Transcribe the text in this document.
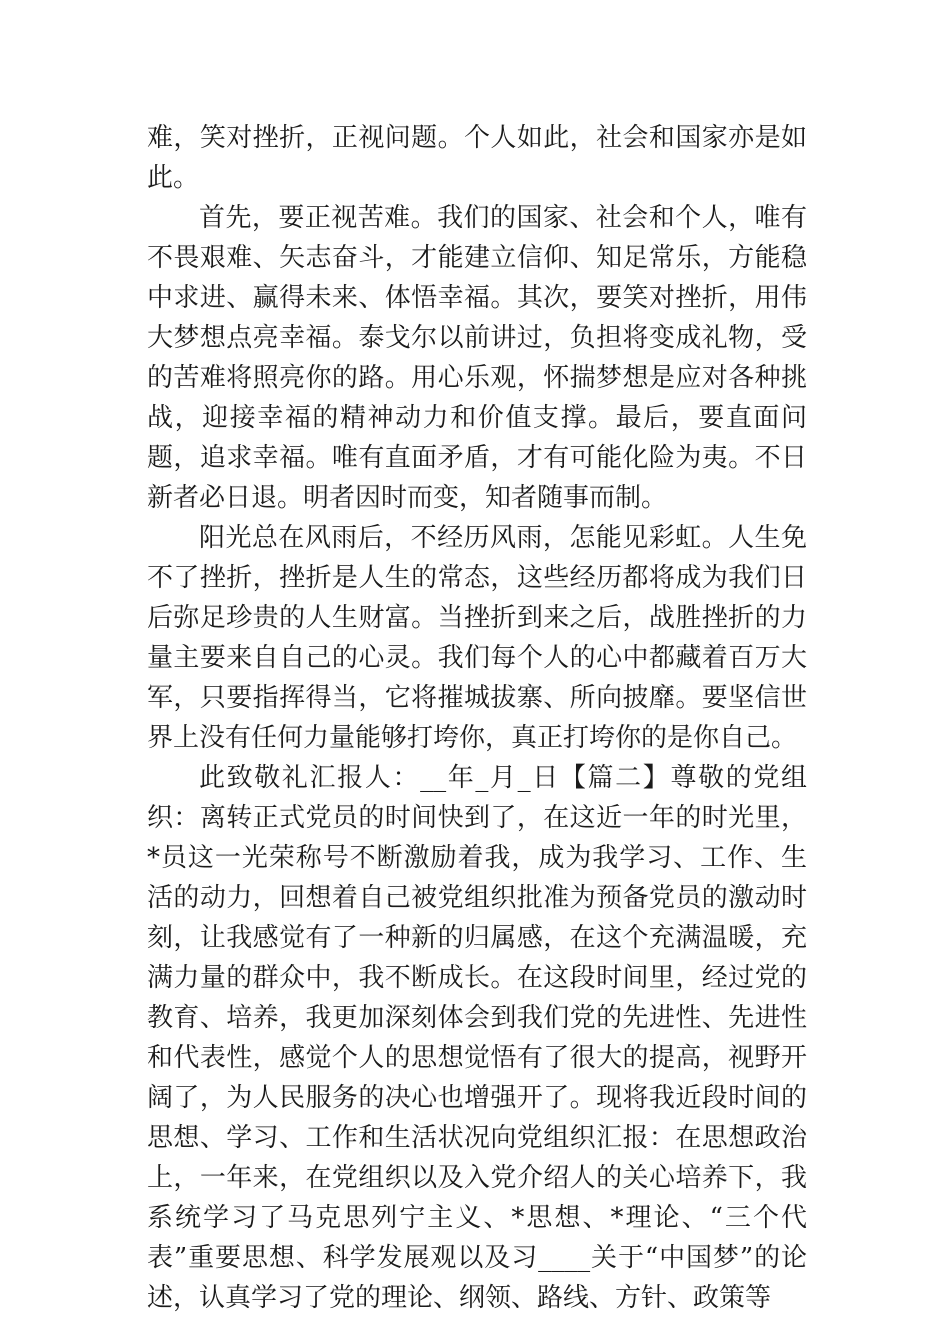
难，笑对挫折，正视问题。个人如此，社会和国家亦是如此。

首先，要正视苦难。我们的国家、社会和个人，唯有不畏艰难、矢志奋斗，才能建立信仰、知足常乐，方能稳中求进、赢得未来、体悟幸福。其次，要笑对挫折，用伟大梦想点亮幸福。泰戈尔以前讲过，负担将变成礼物，受的苦难将照亮你的路。用心乐观，怀揣梦想是应对各种挑战，迎接幸福的精神动力和价值支撑。最后，要直面问题，追求幸福。唯有直面矛盾，才有可能化险为夷。不日新者必日退。明者因时而变，知者随事而制。

阳光总在风雨后，不经历风雨，怎能见彩虹。人生免不了挫折，挫折是人生的常态，这些经历都将成为我们日后弥足珍贵的人生财富。当挫折到来之后，战胜挫折的力量主要来自自己的心灵。我们每个人的心中都藏着百万大军，只要指挥得当，它将摧城拔寨、所向披靡。要坚信世界上没有任何力量能够打垮你，真正打垮你的是你自己。

此致敬礼汇报人：__年_月_日【篇二】尊敬的党组织：离转正式党员的时间快到了，在这近一年的时光里，*员这一光荣称号不断激励着我，成为我学习、工作、生活的动力，回想着自己被党组织批准为预备党员的激动时刻，让我感觉有了一种新的归属感，在这个充满温暖，充满力量的群众中，我不断成长。在这段时间里，经过党的教育、培养，我更加深刻体会到我们党的先进性、先进性和代表性，感觉个人的思想觉悟有了很大的提高，视野开阔了，为人民服务的决心也增强开了。现将我近段时间的思想、学习、工作和生活状况向党组织汇报：在思想政治上，一年来，在党组织以及入党介绍人的关心培养下，我系统学习了马克思列宁主义、*思想、*理论、“三个代表”重要思想、科学发展观以及习____关于“中国梦”的论述，认真学习了党的理论、纲领、路线、方针、政策等
